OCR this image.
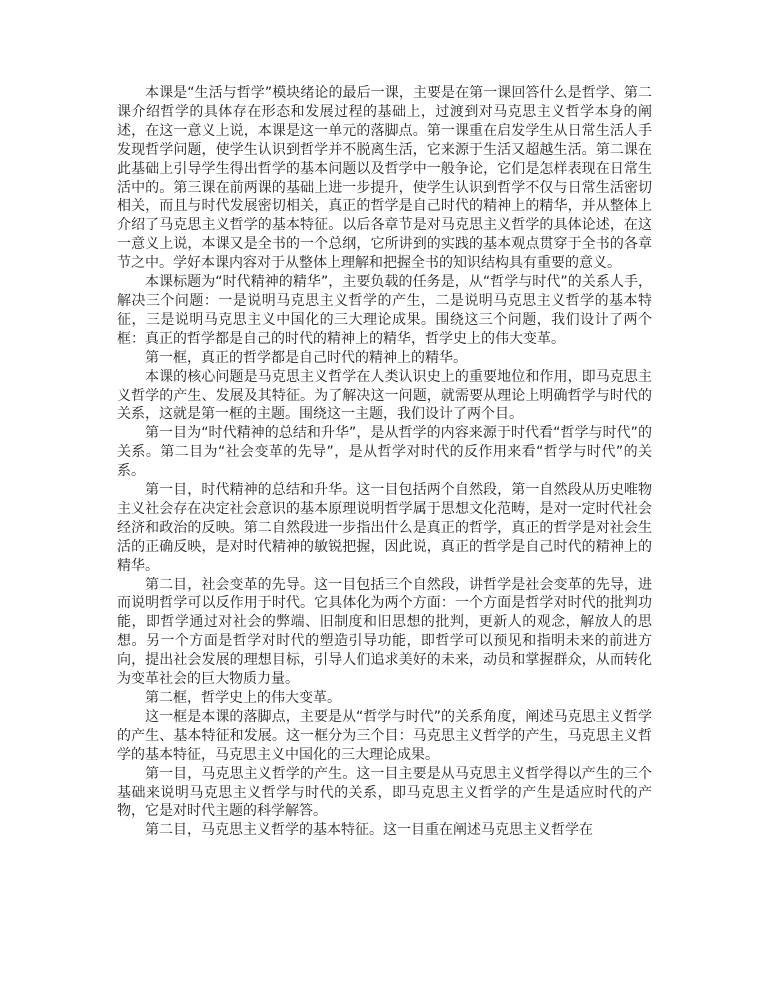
本课是“生活与哲学”模块绪论的最后一课，主要是在第一课回答什么是哲学、第二课介绍哲学的具体存在形态和发展过程的基础上，过渡到对马克思主义哲学本身的阐述，在这一意义上说，本课是这一单元的落脚点。第一课重在启发学生从日常生活人手发现哲学问题，使学生认识到哲学并不脱离生活，它来源于生活又超越生活。第二课在此基础上引导学生得出哲学的基本问题以及哲学中一般争论，它们是怎样表现在日常生活中的。第三课在前两课的基础上进一步提升，使学生认识到哲学不仅与日常生活密切相关，而且与时代发展密切相关，真正的哲学是自己时代的精神上的精华，并从整体上介绍了马克思主义哲学的基本特征。以后各章节是对马克思主义哲学的具体论述，在这一意义上说，本课又是全书的一个总纲，它所讲到的实践的基本观点贯穿于全书的各章节之中。学好本课内容对于从整体上理解和把握全书的知识结构具有重要的意义。

本课标题为“时代精神的精华”，主要负载的任务是，从“哲学与时代”的关系人手，解决三个问题：一是说明马克思主义哲学的产生，二是说明马克思主义哲学的基本特征，三是说明马克思主义中国化的三大理论成果。围绕这三个问题，我们设计了两个框：真正的哲学都是自己的时代的精神上的精华，哲学史上的伟大变革。

第一框，真正的哲学都是自己时代的精神上的精华。

本课的核心问题是马克思主义哲学在人类认识史上的重要地位和作用，即马克思主义哲学的产生、发展及其特征。为了解决这一问题，就需要从理论上明确哲学与时代的关系，这就是第一框的主题。围绕这一主题，我们设计了两个目。

第一目为“时代精神的总结和升华”，是从哲学的内容来源于时代看“哲学与时代”的关系。第二目为“社会变革的先导”，是从哲学对时代的反作用来看“哲学与时代”的关系。

第一目，时代精神的总结和升华。这一目包括两个自然段，第一自然段从历史唯物主义社会存在决定社会意识的基本原理说明哲学属于思想文化范畴，是对一定时代社会经济和政治的反映。第二自然段进一步指出什么是真正的哲学，真正的哲学是对社会生活的正确反映，是对时代精神的敏锐把握，因此说，真正的哲学是自己时代的精神上的精华。

第二目，社会变革的先导。这一目包括三个自然段，讲哲学是社会变革的先导，进而说明哲学可以反作用于时代。它具体化为两个方面：一个方面是哲学对时代的批判功能，即哲学通过对社会的弊端、旧制度和旧思想的批判，更新人的观念，解放人的思想。另一个方面是哲学对时代的塑造引导功能，即哲学可以预见和指明未来的前进方向，提出社会发展的理想目标，引导人们追求美好的未来，动员和掌握群众，从而转化为变革社会的巨大物质力量。

第二框，哲学史上的伟大变革。

这一框是本课的落脚点，主要是从“哲学与时代”的关系角度，阐述马克思主义哲学的产生、基本特征和发展。这一框分为三个目：马克思主义哲学的产生，马克思主义哲学的基本特征，马克思主义中国化的三大理论成果。

第一目，马克思主义哲学的产生。这一目主要是从马克思主义哲学得以产生的三个基础来说明马克思主义哲学与时代的关系，即马克思主义哲学的产生是适应时代的产物，它是对时代主题的科学解答。

第二目，马克思主义哲学的基本特征。这一目重在阐述马克思主义哲学在
